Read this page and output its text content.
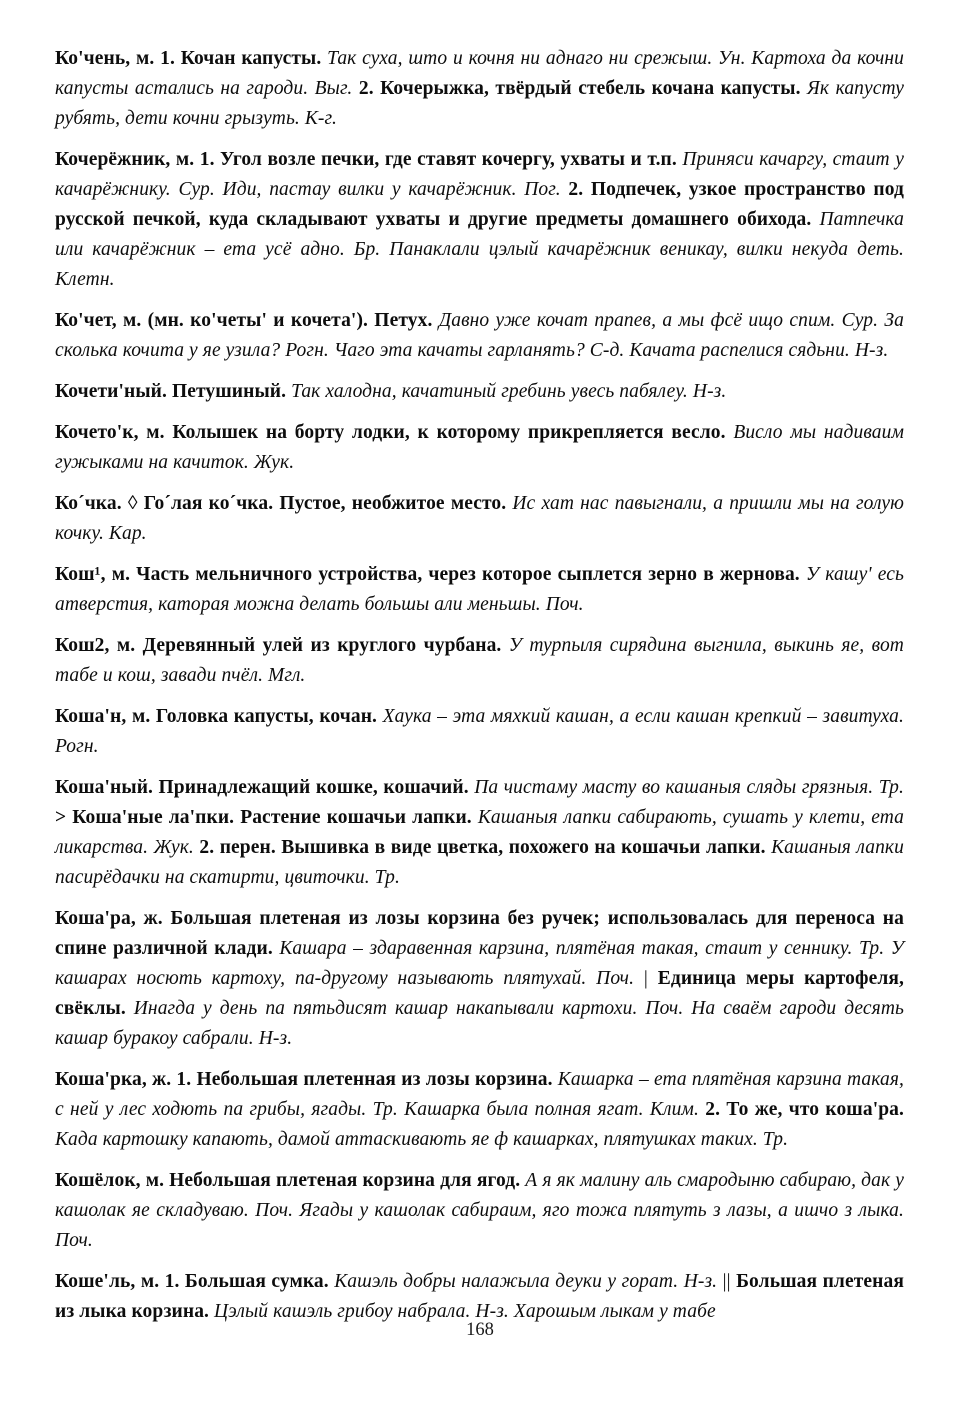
Ко'чень, м. 1. Кочан капусты. Так суха, што и кочня ни аднаго ни срежыш. Ун. Картоха да кочни капусты астались на гароди. Выг. 2. Кочерыжка, твёрдый стебель кочана капусты. Як капусту рубять, дети кочни грызуть. К-г.

Кочерёжник, м. 1. Угол возле печки, где ставят кочергу, ухваты и т.п. Приняси качаргу, стаит у качарёжнику. Сур. Иди, пастау вилки у качарёжник. Пог. 2. Подпечек, узкое пространство под русской печкой, куда складывают ухваты и другие предметы домашнего обихода. Патпечка или качарёжник – ета усё адно. Бр. Панаклали цэлый качарёжник веникау, вилки некуда деть. Клетн.

Ко'чет, м. (мн. ко'четы' и кочета'). Петух. Давно уже кочат прапев, а мы фсё ищо спим. Сур. За сколька кочита у яе узила? Рогн. Чаго эта качаты гарланять? С-д. Качата распелися сядьни. Н-з.

Кочети'ный. Петушиный. Так халодна, качатиный гребинь увесь пабялеу. Н-з.

Кочето'к, м. Колышек на борту лодки, к которому прикрепляется весло. Висло мы надиваим гужыками на качиток. Жук.

Ко´чка. ◊ Го´лая ко´чка. Пустое, необжитое место. Ис хат нас павыгнали, а пришли мы на голую кочку. Кар.

Кош¹, м. Часть мельничного устройства, через которое сыплется зерно в жернова. У кашу' есь атверстия, каторая можна делать большы али меньшы. Поч.

Кош2, м. Деревянный улей из круглого чурбана. У турпыля сирядина выгнила, выкинь яе, вот табе и кош, завади пчёл. Мгл.

Коша'н, м. Головка капусты, кочан. Хаука – эта мяхкий кашан, а если кашан крепкий – завитуха. Рогн.

Коша'ный. Принадлежащий кошке, кошачий. Па чистаму масту во кашаныя сляды грязныя. Тр. > Коша'ные ла'пки. Растение кошачьи лапки. Кашаныя лапки сабирають, сушать у клети, ета ликарства. Жук. 2. перен. Вышивка в виде цветка, похожего на кошачьи лапки. Кашаныя лапки пасирёдачки на скатирти, цвиточки. Тр.

Коша'ра, ж. Большая плетеная из лозы корзина без ручек; использовалась для переноса на спине различной клади. Кашара – здаравенная карзина, плятёная такая, стаит у сеннику. Тр. У кашарах носють картоху, па-другому называють плятухай. Поч. | Единица меры картофеля, свёклы. Инагда у день па пятьдисят кашар накапывали картохи. Поч. На сваём гароди десять кашар буракоу сабрали. Н-з.

Коша'рка, ж. 1. Небольшая плетенная из лозы корзина. Кашарка – ета плятёная карзина такая, с ней у лес ходють па грибы, ягады. Тр. Кашарка была полная ягат. Клим. 2. То же, что коша'ра. Када картошку капають, дамой аттаскивають яе ф кашарках, плятушках таких. Тр.

Кошёлок, м. Небольшая плетеная корзина для ягод. А я як малину аль смародыню сабираю, дак у кашолак яе складуваю. Поч. Ягады у кашолак сабираим, яго тожа плятуть з лазы, а ишчо з лыка. Поч.

Коше'ль, м. 1. Большая сумка. Кашэль добры налажыла деуки у горат. Н-з. || Большая плетеная из лыка корзина. Цэлый кашэль грибоу набрала. Н-з. Харошым лыкам у табе

168
